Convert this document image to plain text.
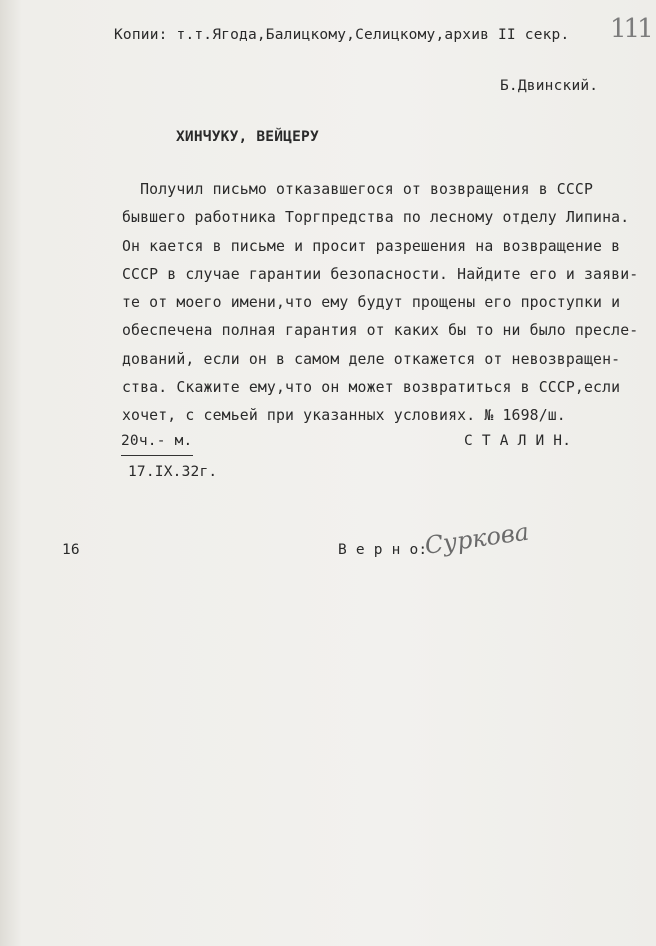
Копии: т.т.Ягода,Балицкому,Селицкому,архив II секр. 111
Б.Двинский.
ХИНЧУКУ, ВЕЙЦЕРУ
Получил письмо отказавшегося от возвращения в СССР
бывшего работника Торгпредства по лесному отделу Липина.
Он кается в письме и просит разрешения на возвращение в
СССР в случае гарантии безопасности. Найдите его и заяви-
те от моего имени,что ему будут прощены его проступки и
обеспечена полная гарантия от каких бы то ни было пресле-
дований, если он в самом деле откажется от невозвращен-
ства. Скажите ему,что он может возвратиться в СССР,если
хочет, с семьей при указанных условиях. № 1698/ш.
20ч.- м.
17.IX.32г.
С Т А Л И Н.
16	В е р н о:
Суркова
